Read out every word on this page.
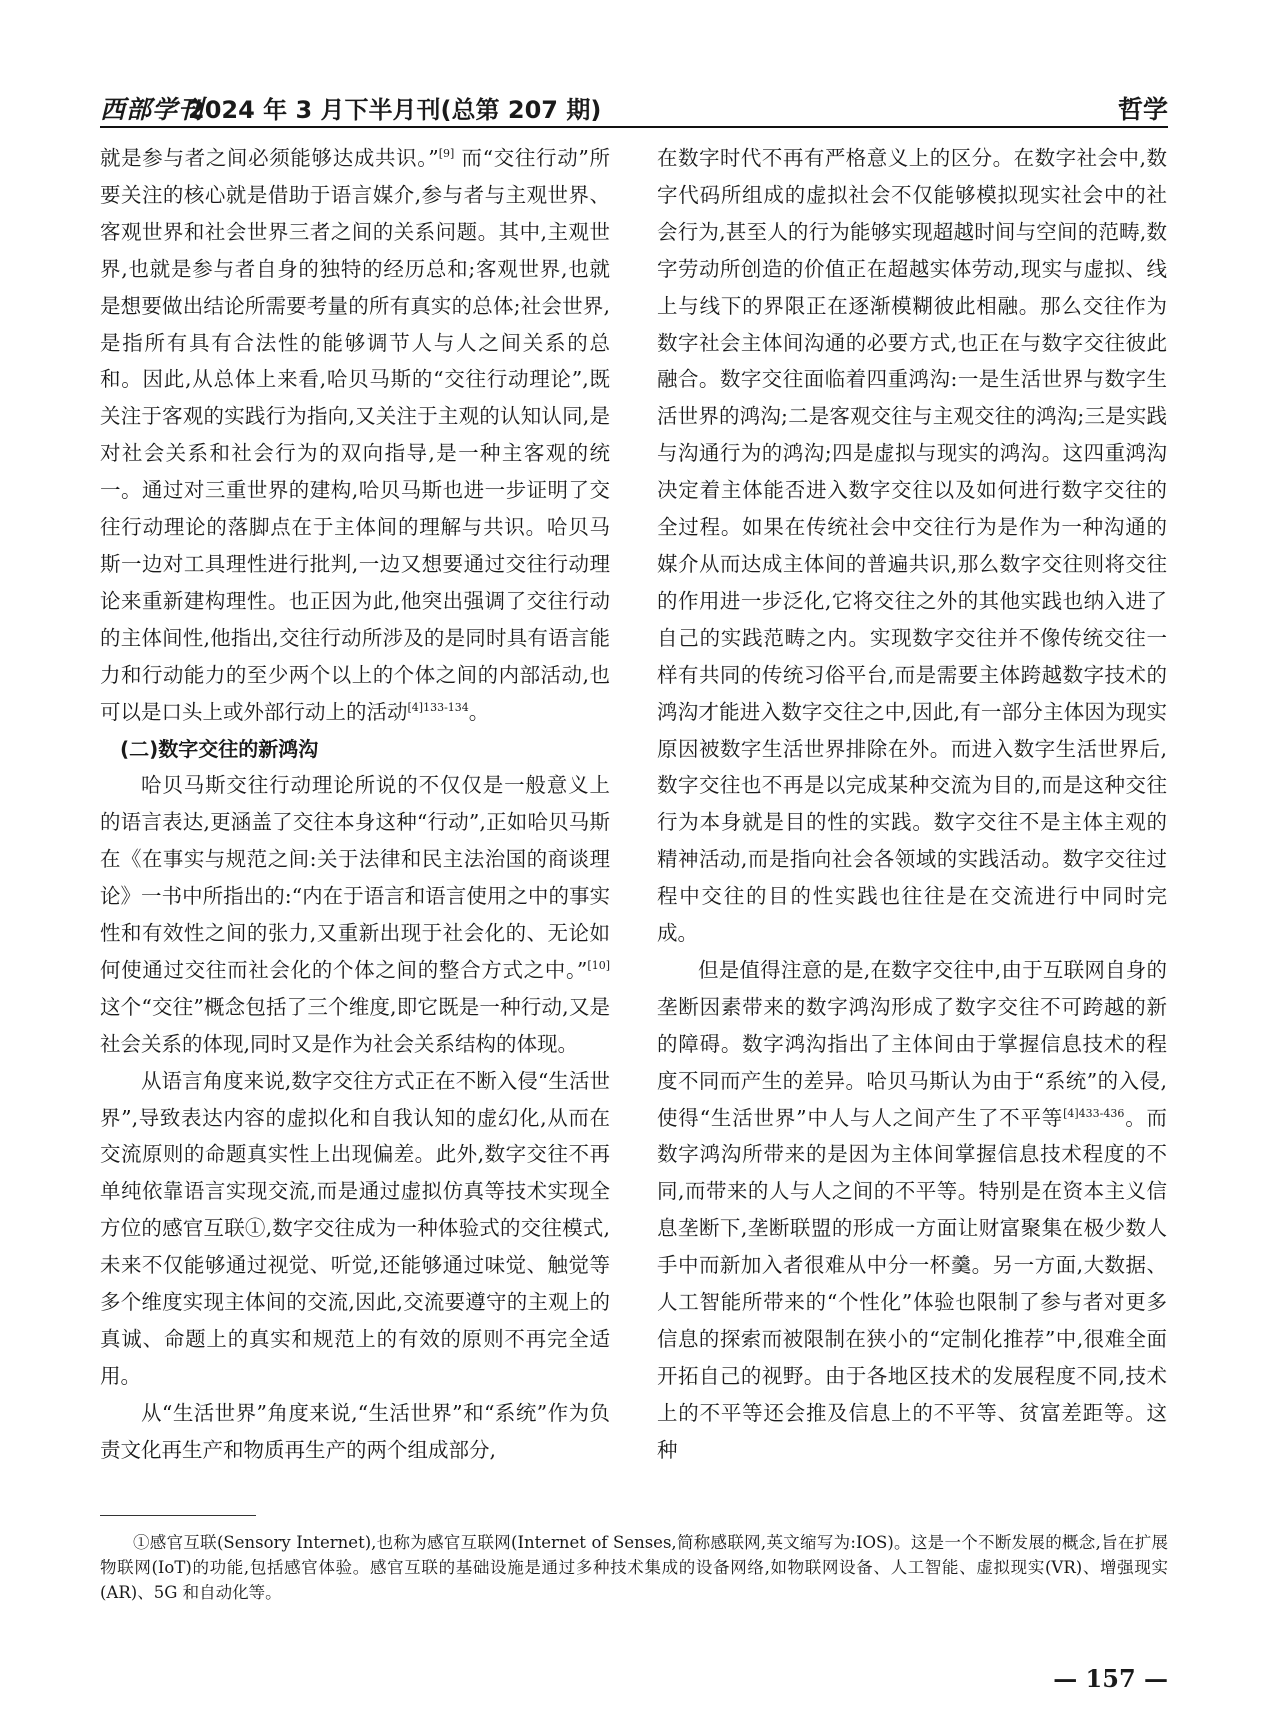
西部学刊
2024 年 3 月下半月刊(总第 207 期)	哲学

就是参与者之间必须能够达成共识。”[9] 而“交往行动”所要关注的核心就是借助于语言媒介,参与者与主观世界、客观世界和社会世界三者之间的关系问题。其中,主观世界,也就是参与者自身的独特的经历总和;客观世界,也就是想要做出结论所需要考量的所有真实的总体;社会世界,是指所有具有合法性的能够调节人与人之间关系的总和。因此,从总体上来看,哈贝马斯的“交往行动理论”,既关注于客观的实践行为指向,又关注于主观的认知认同,是对社会关系和社会行为的双向指导,是一种主客观的统一。通过对三重世界的建构,哈贝马斯也进一步证明了交往行动理论的落脚点在于主体间的理解与共识。哈贝马斯一边对工具理性进行批判,一边又想要通过交往行动理论来重新建构理性。也正因为此,他突出强调了交往行动的主体间性,他指出,交往行动所涉及的是同时具有语言能力和行动能力的至少两个以上的个体之间的内部活动,也可以是口头上或外部行动上的活动$^{[4]133-134}$。

(二)数字交往的新鸿沟

哈贝马斯交往行动理论所说的不仅仅是一般意义上的语言表达,更涵盖了交往本身这种“行动”,正如哈贝马斯在《在事实与规范之间:关于法律和民主法治国的商谈理论》一书中所指出的:“内在于语言和语言使用之中的事实性和有效性之间的张力,又重新出现于社会化的、无论如何使通过交往而社会化的个体之间的整合方式之中。”[10] 这个“交往”概念包括了三个维度,即它既是一种行动,又是社会关系的体现,同时又是作为社会关系结构的体现。

从语言角度来说,数字交往方式正在不断入侵“生活世界”,导致表达内容的虚拟化和自我认知的虚幻化,从而在交流原则的命题真实性上出现偏差。此外,数字交往不再单纯依靠语言实现交流,而是通过虚拟仿真等技术实现全方位的感官互联①,数字交往成为一种体验式的交往模式,未来不仅能够通过视觉、听觉,还能够通过味觉、触觉等多个维度实现主体间的交流,因此,交流要遵守的主观上的真诚、命题上的真实和规范上的有效的原则不再完全适用。

从“生活世界”角度来说,“生活世界”和“系统”作为负责文化再生产和物质再生产的两个组成部分,

在数字时代不再有严格意义上的区分。在数字社会中,数字代码所组成的虚拟社会不仅能够模拟现实社会中的社会行为,甚至人的行为能够实现超越时间与空间的范畴,数字劳动所创造的价值正在超越实体劳动,现实与虚拟、线上与线下的界限正在逐渐模糊彼此相融。那么交往作为数字社会主体间沟通的必要方式,也正在与数字交往彼此融合。数字交往面临着四重鸿沟:一是生活世界与数字生活世界的鸿沟;二是客观交往与主观交往的鸿沟;三是实践与沟通行为的鸿沟;四是虚拟与现实的鸿沟。这四重鸿沟决定着主体能否进入数字交往以及如何进行数字交往的全过程。如果在传统社会中交往行为是作为一种沟通的媒介从而达成主体间的普遍共识,那么数字交往则将交往的作用进一步泛化,它将交往之外的其他实践也纳入进了自己的实践范畴之内。实现数字交往并不像传统交往一样有共同的传统习俗平台,而是需要主体跨越数字技术的鸿沟才能进入数字交往之中,因此,有一部分主体因为现实原因被数字生活世界排除在外。而进入数字生活世界后,数字交往也不再是以完成某种交流为目的,而是这种交往行为本身就是目的性的实践。数字交往不是主体主观的精神活动,而是指向社会各领域的实践活动。数字交往过程中交往的目的性实践也往往是在交流进行中同时完成。

但是值得注意的是,在数字交往中,由于互联网自身的垄断因素带来的数字鸿沟形成了数字交往不可跨越的新的障碍。数字鸿沟指出了主体间由于掌握信息技术的程度不同而产生的差异。哈贝马斯认为由于“系统”的入侵,使得“生活世界”中人与人之间产生了不平等$^{[4]433-436}$。而数字鸿沟所带来的是因为主体间掌握信息技术程度的不同,而带来的人与人之间的不平等。特别是在资本主义信息垄断下,垄断联盟的形成一方面让财富聚集在极少数人手中而新加入者很难从中分一杯羹。另一方面,大数据、人工智能所带来的“个性化”体验也限制了参与者对更多信息的探索而被限制在狭小的“定制化推荐”中,很难全面开拓自己的视野。由于各地区技术的发展程度不同,技术上的不平等还会推及信息上的不平等、贫富差距等。这种

①感官互联(Sensory Internet),也称为感官互联网(Internet of Senses,简称感联网,英文缩写为:IOS)。这是一个不断发展的概念,旨在扩展物联网(IoT)的功能,包括感官体验。感官互联的基础设施是通过多种技术集成的设备网络,如物联网设备、人工智能、虚拟现实(VR)、增强现实(AR)、5G 和自动化等。

— 157 —
